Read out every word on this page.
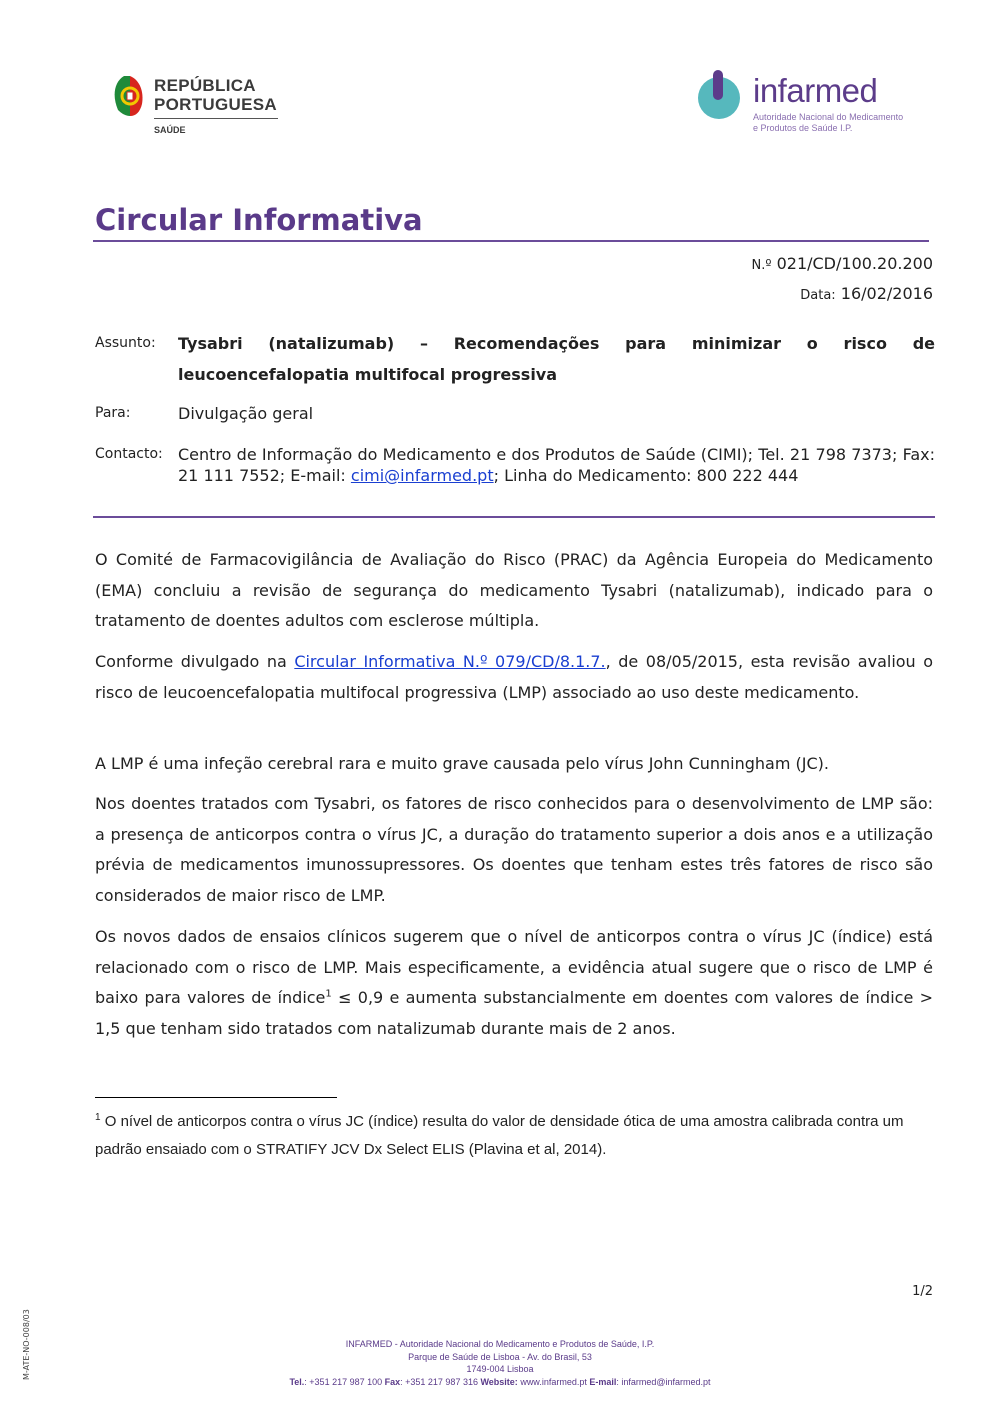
REPÚBLICA
PORTUGUESA
SAÚDE
infarmed
Autoridade Nacional do Medicamento
e Produtos de Saúde I.P.
Circular Informativa
N.º 021/CD/100.20.200
Data: 16/02/2016
Assunto: Tysabri (natalizumab) – Recomendações para minimizar o risco de leucoencefalopatia multifocal progressiva
Para:	Divulgação geral
Contacto: Centro de Informação do Medicamento e dos Produtos de Saúde (CIMI); Tel. 21 798 7373; Fax: 21 111 7552; E-mail: cimi@infarmed.pt; Linha do Medicamento: 800 222 444
O Comité de Farmacovigilância de Avaliação do Risco (PRAC) da Agência Europeia do Medicamento (EMA) concluiu a revisão de segurança do medicamento Tysabri (natalizumab), indicado para o tratamento de doentes adultos com esclerose múltipla.
Conforme divulgado na Circular Informativa N.º 079/CD/8.1.7., de 08/05/2015, esta revisão avaliou o risco de leucoencefalopatia multifocal progressiva (LMP) associado ao uso deste medicamento.
A LMP é uma infeção cerebral rara e muito grave causada pelo vírus John Cunningham (JC).
Nos doentes tratados com Tysabri, os fatores de risco conhecidos para o desenvolvimento de LMP são: a presença de anticorpos contra o vírus JC, a duração do tratamento superior a dois anos e a utilização prévia de medicamentos imunossupressores. Os doentes que tenham estes três fatores de risco são considerados de maior risco de LMP.
Os novos dados de ensaios clínicos sugerem que o nível de anticorpos contra o vírus JC (índice) está relacionado com o risco de LMP. Mais especificamente, a evidência atual sugere que o risco de LMP é baixo para valores de índice$^1$ ≤ 0,9 e aumenta substancialmente em doentes com valores de índice > 1,5 que tenham sido tratados com natalizumab durante mais de 2 anos.
$^1$ O nível de anticorpos contra o vírus JC (índice) resulta do valor de densidade ótica de uma amostra calibrada contra um padrão ensaiado com o STRATIFY JCV Dx Select ELIS (Plavina et al, 2014).
1/2
M-ATE-NO-008/03	INFARMED - Autoridade Nacional do Medicamento e Produtos de Saúde, I.P.
Parque de Saúde de Lisboa - Av. do Brasil, 53
1749-004 Lisboa
Tel.: +351 217 987 100 Fax: +351 217 987 316 Website: www.infarmed.pt E-mail: infarmed@infarmed.pt
